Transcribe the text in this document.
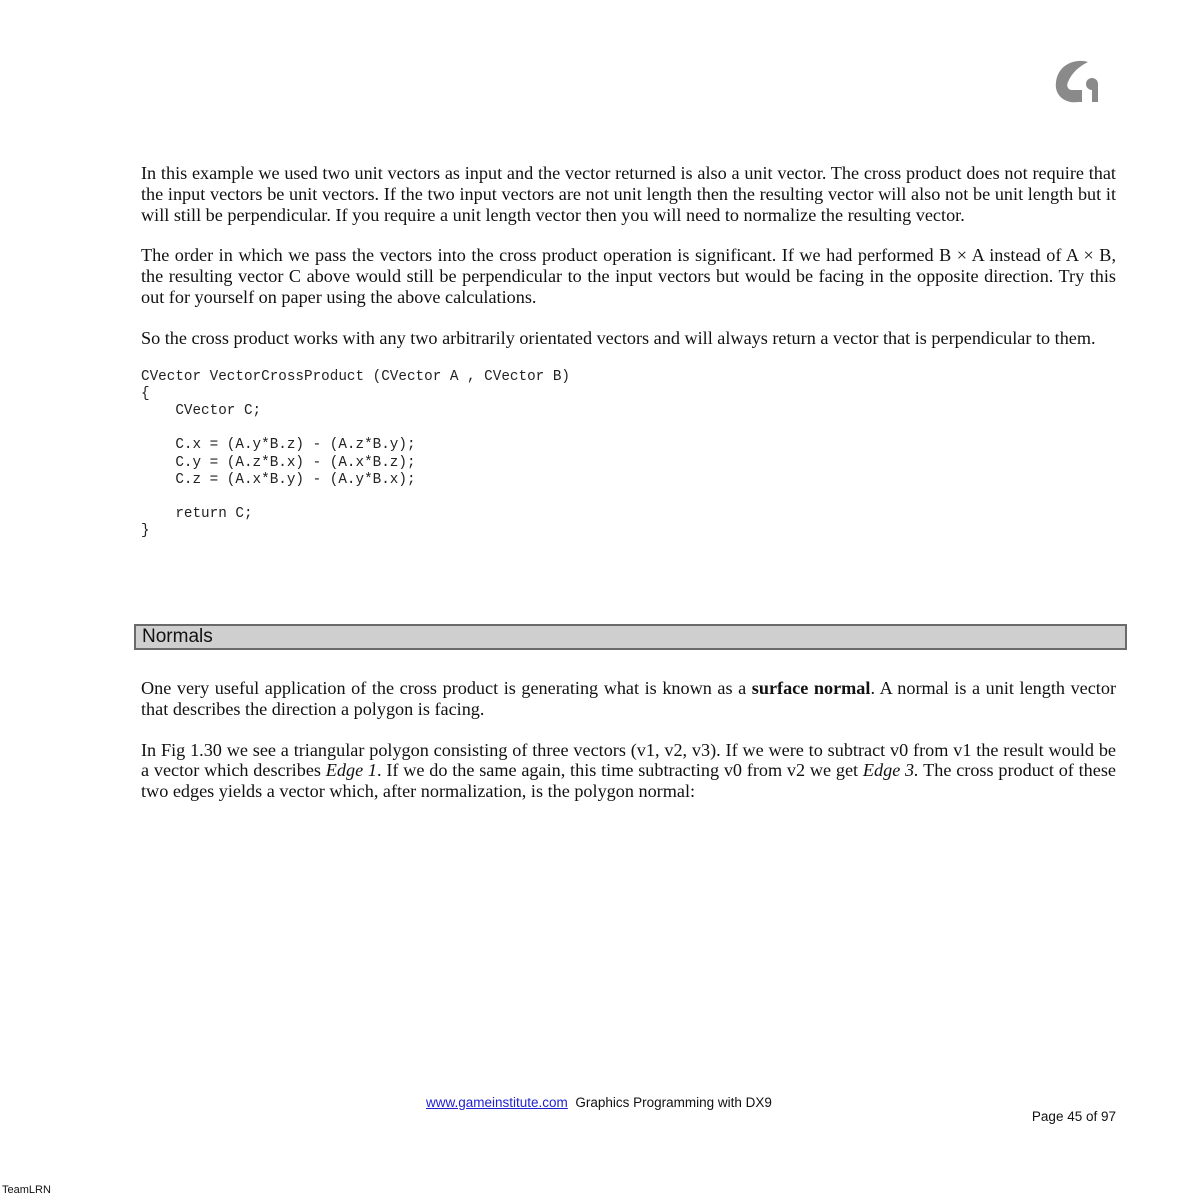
In this example we used two unit vectors as input and the vector returned is also a unit vector. The cross product does not require that the input vectors be unit vectors. If the two input vectors are not unit length then the resulting vector will also not be unit length but it will still be perpendicular. If you require a unit length vector then you will need to normalize the resulting vector.

The order in which we pass the vectors into the cross product operation is significant. If we had performed B × A instead of A × B, the resulting vector C above would still be perpendicular to the input vectors but would be facing in the opposite direction. Try this out for yourself on paper using the above calculations.

So the cross product works with any two arbitrarily orientated vectors and will always return a vector that is perpendicular to them.

CVector VectorCrossProduct (CVector A , CVector B)
{
CVector C;

C.x = (A.y*B.z) - (A.z*B.y);
C.y = (A.z*B.x) - (A.x*B.z);
C.z = (A.x*B.y) - (A.y*B.x);

return C;
}
Normals

One very useful application of the cross product is generating what is known as a surface normal. A normal is a unit length vector that describes the direction a polygon is facing.

In Fig 1.30 we see a triangular polygon consisting of three vectors (v1, v2, v3). If we were to subtract v0 from v1 the result would be a vector which describes Edge 1. If we do the same again, this time subtracting v0 from v2 we get Edge 3. The cross product of these two edges yields a vector which, after normalization, is the polygon normal:

www.gameinstitute.com Graphics Programming with DX9
Page 45 of 97
TeamLRN
